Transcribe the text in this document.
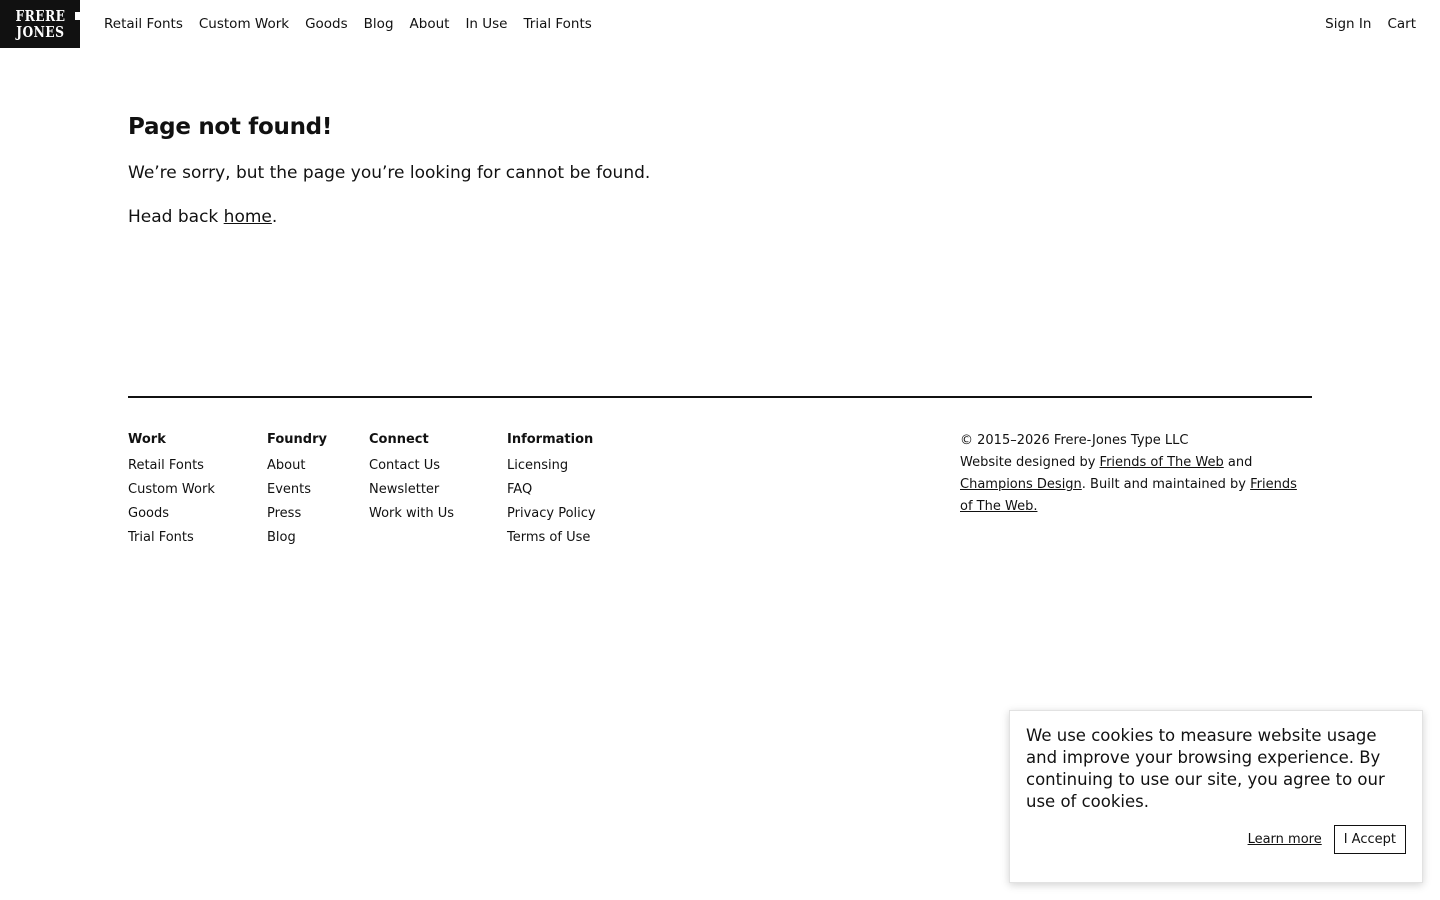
FRERE
JONES	Retail Fonts Custom Work Goods Blog About In Use Trial Fonts	Sign In Cart
Page not found!

We’re sorry, but the page you’re looking for cannot be found.

Head back home.

Work
Retail Fonts
Custom Work
Goods
Trial Fonts
Foundry
About
Events
Press
Blog
Connect
Contact Us
Newsletter
Work with Us
Information
Licensing
FAQ
Privacy Policy
Terms of Use
© 2015–2026 Frere-Jones Type LLC
Website designed by Friends of The Web and Champions Design. Built and maintained by Friends of The Web.
We use cookies to measure website usage and improve your browsing experience. By continuing to use our site, you agree to our use of cookies.
Learn more	I Accept
